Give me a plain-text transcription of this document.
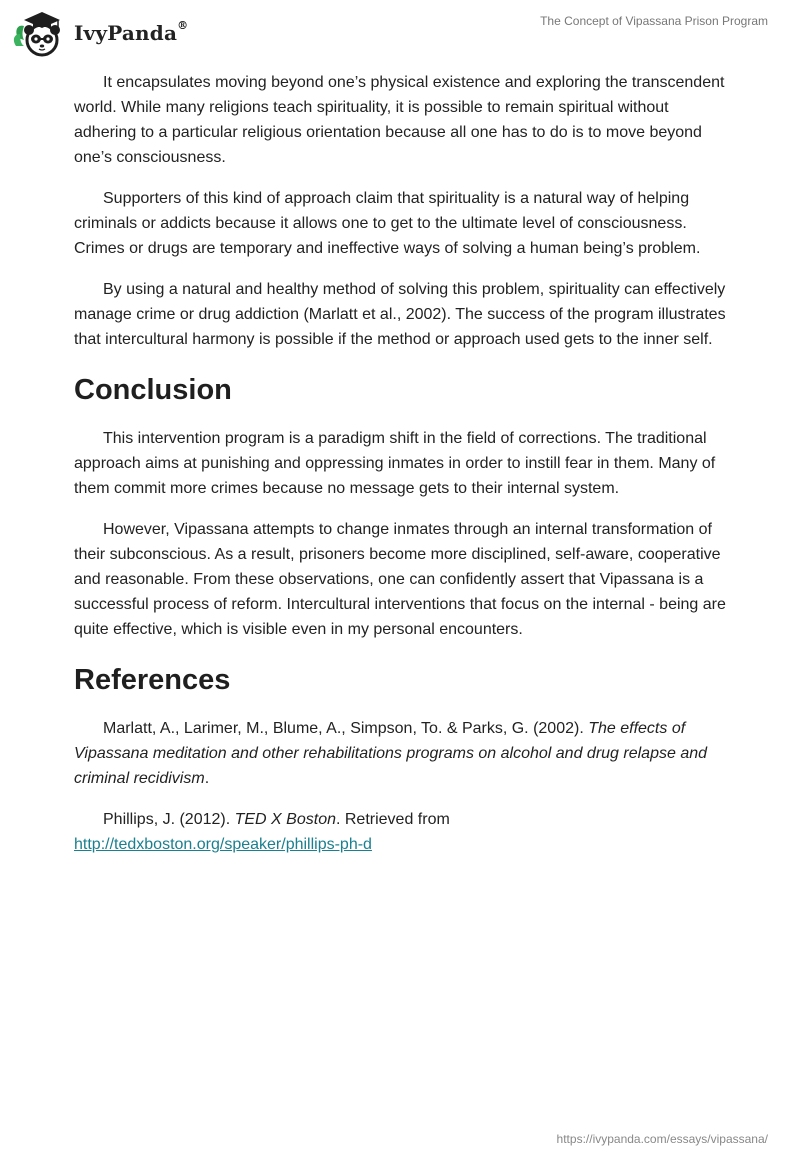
IvyPanda®	The Concept of Vipassana Prison Program

It encapsulates moving beyond one’s physical existence and exploring the transcendent world. While many religions teach spirituality, it is possible to remain spiritual without adhering to a particular religious orientation because all one has to do is to move beyond one’s consciousness.

Supporters of this kind of approach claim that spirituality is a natural way of helping criminals or addicts because it allows one to get to the ultimate level of consciousness. Crimes or drugs are temporary and ineffective ways of solving a human being’s problem.

By using a natural and healthy method of solving this problem, spirituality can effectively manage crime or drug addiction (Marlatt et al., 2002). The success of the program illustrates that intercultural harmony is possible if the method or approach used gets to the inner self.

Conclusion

This intervention program is a paradigm shift in the field of corrections. The traditional approach aims at punishing and oppressing inmates in order to instill fear in them. Many of them commit more crimes because no message gets to their internal system.

However, Vipassana attempts to change inmates through an internal transformation of their subconscious. As a result, prisoners become more disciplined, self-aware, cooperative and reasonable. From these observations, one can confidently assert that Vipassana is a successful process of reform. Intercultural interventions that focus on the internal - being are quite effective, which is visible even in my personal encounters.

References

Marlatt, A., Larimer, M., Blume, A., Simpson, To. & Parks, G. (2002). The effects of Vipassana meditation and other rehabilitations programs on alcohol and drug relapse and criminal recidivism.

Phillips, J. (2012). TED X Boston. Retrieved from
http://tedxboston.org/speaker/phillips-ph-d

https://ivypanda.com/essays/vipassana/
